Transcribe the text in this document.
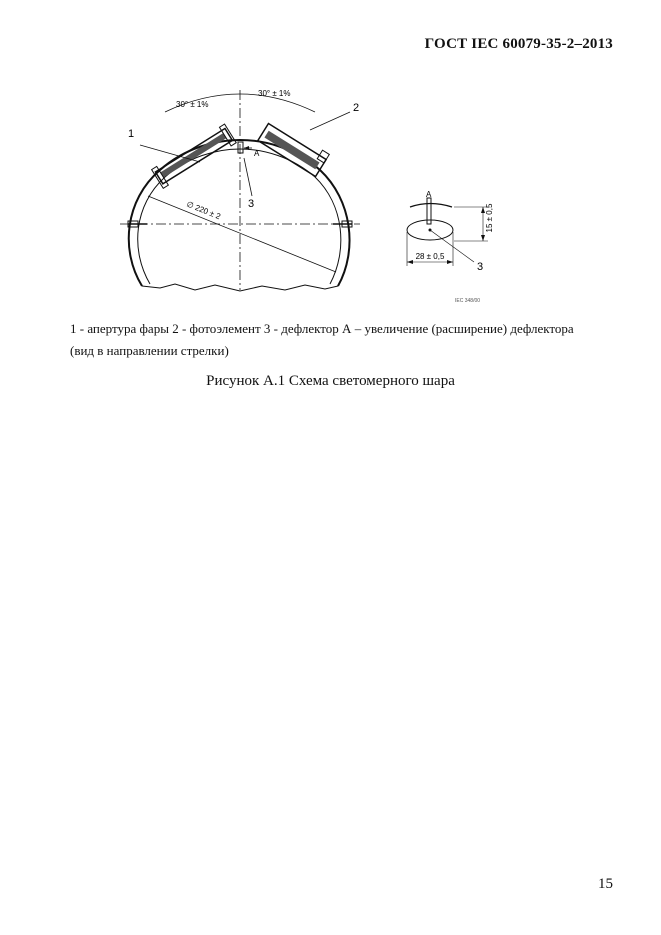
ГОСТ IEC 60079-35-2–2013
∅ 220 ± 2
30° ± 1%
30° ± 1%
1
2
A
3
A
15 ± 0,5
28 ± 0,5
3
IEC 348/00
1 - апертура фары 2 - фотоэлемент 3 - дефлектор А – увеличение (расширение) дефлектора
(вид в направлении стрелки)
Рисунок А.1 Схема светомерного шара
15
